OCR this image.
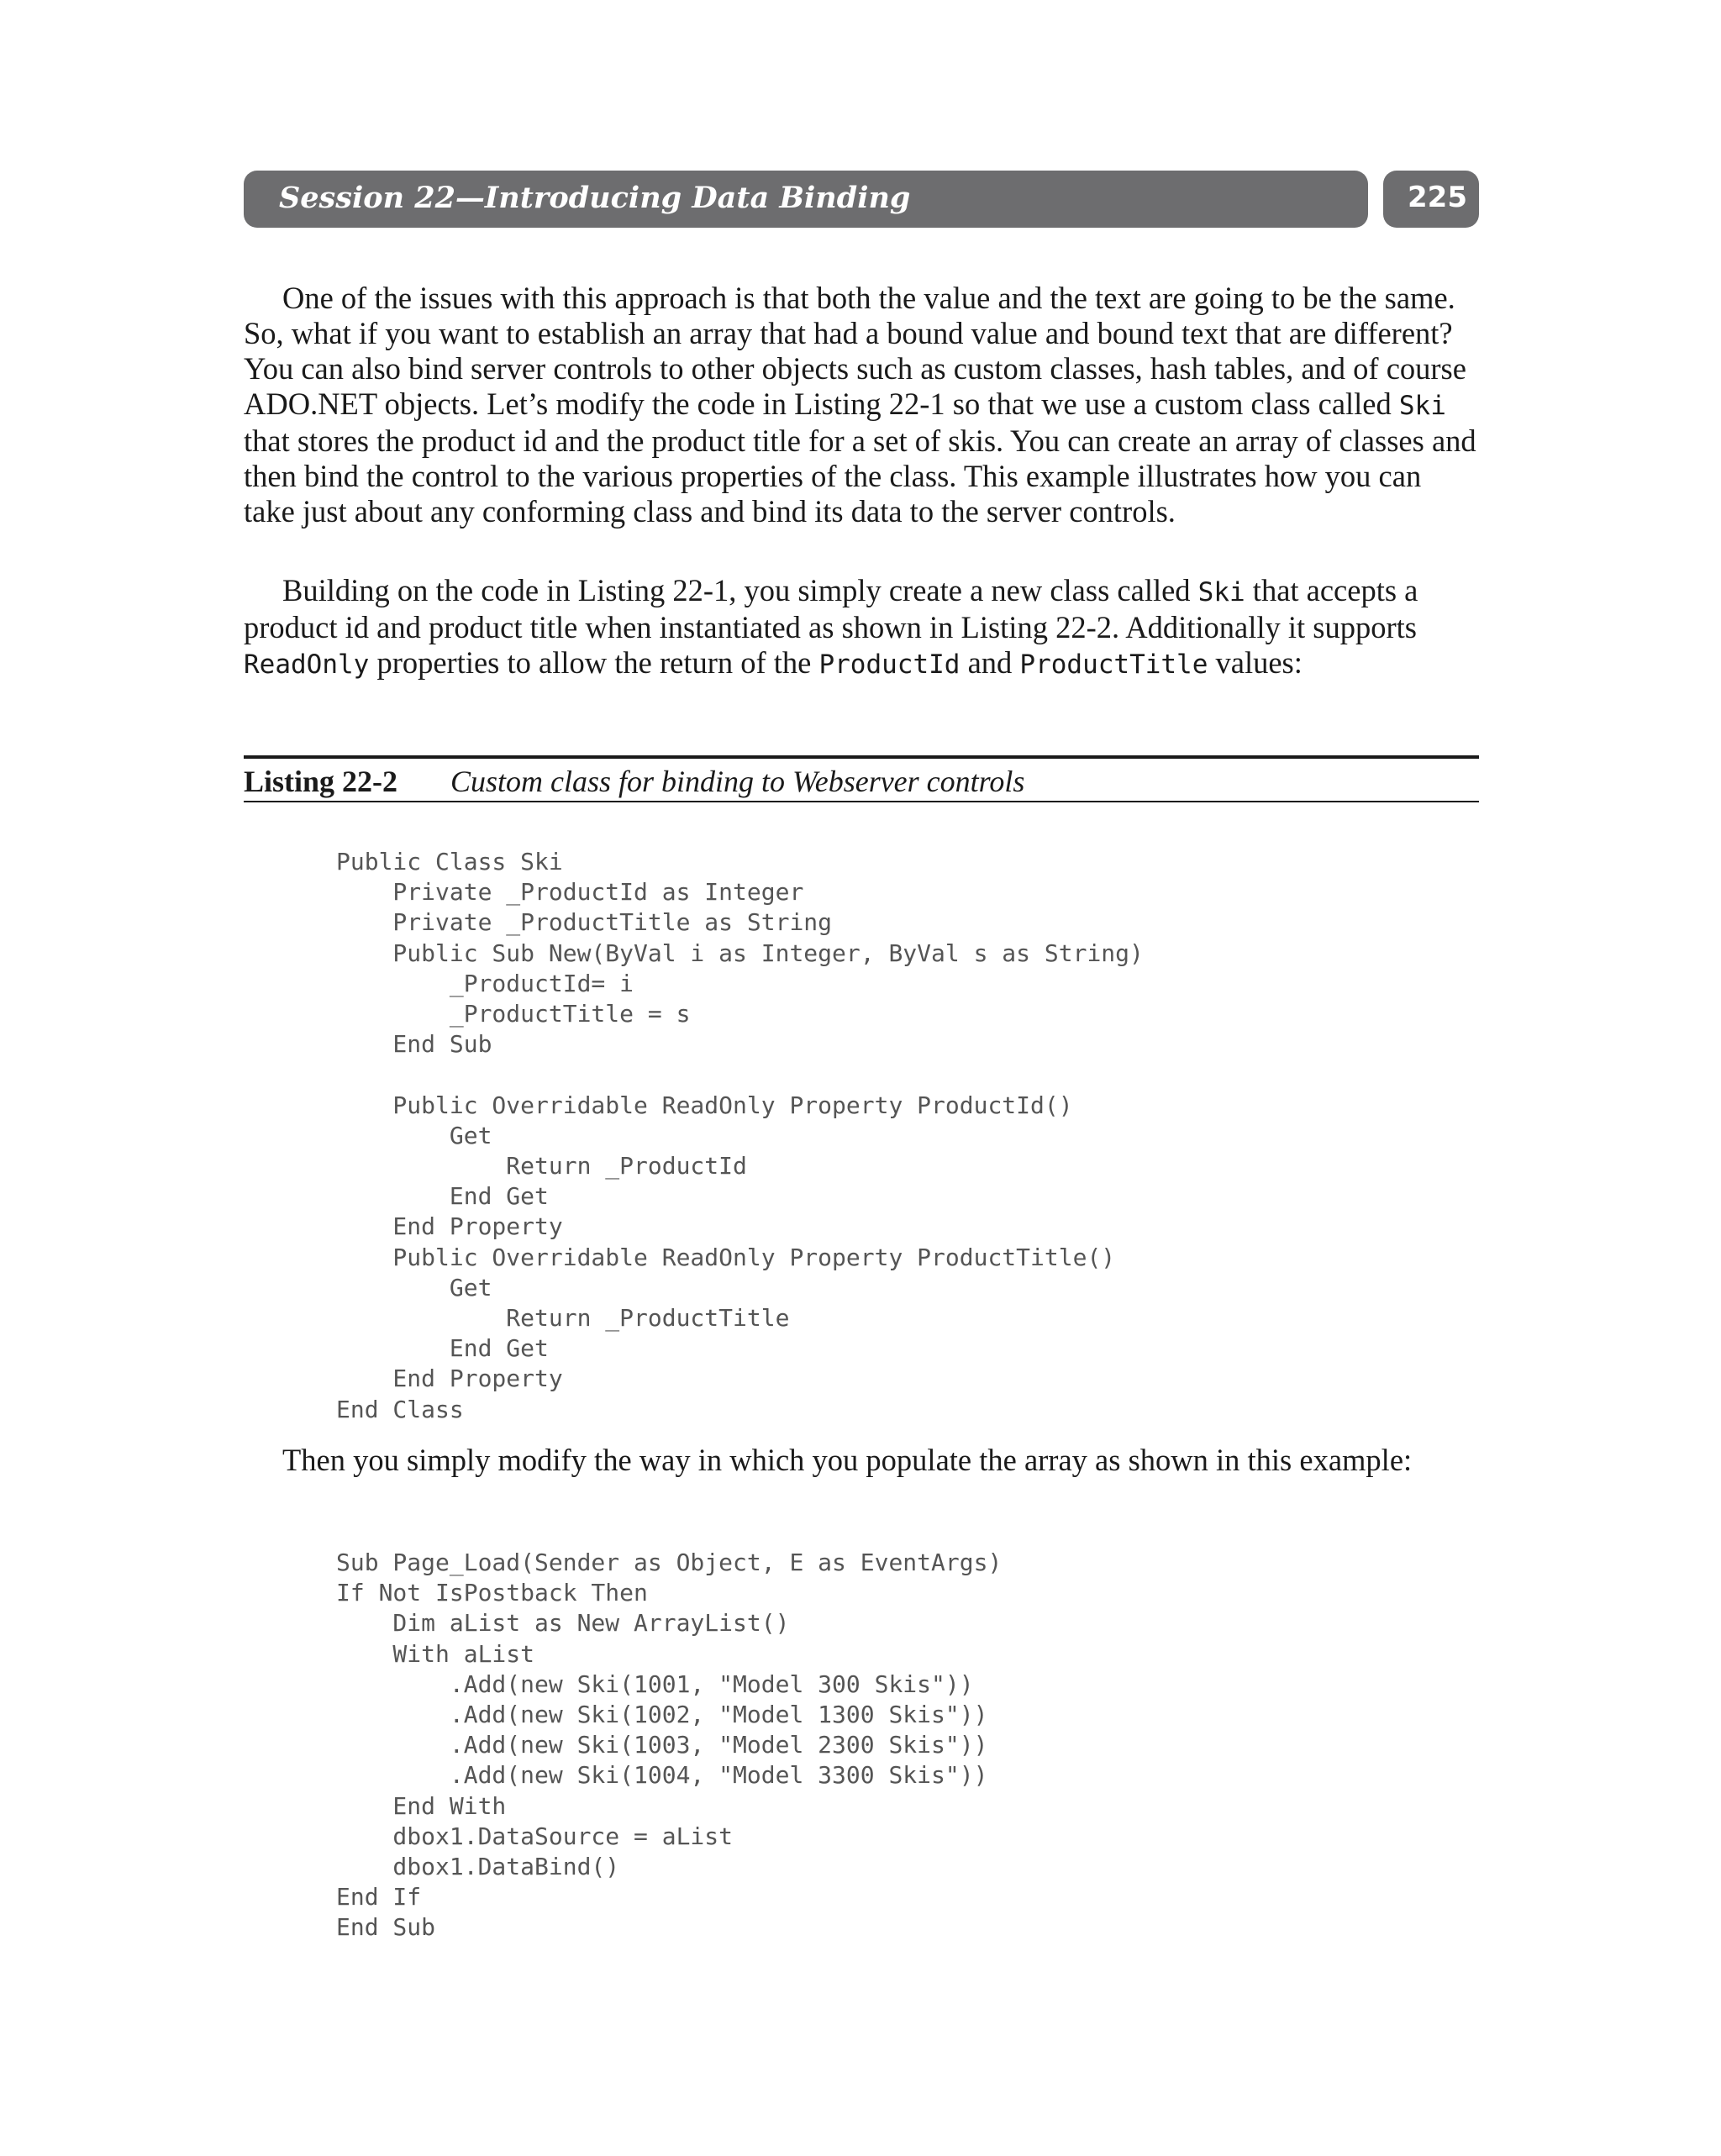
Session 22—Introducing Data Binding	225

One of the issues with this approach is that both the value and the text are going to be the same. So, what if you want to establish an array that had a bound value and bound text that are different? You can also bind server controls to other objects such as custom classes, hash tables, and of course ADO.NET objects. Let’s modify the code in Listing 22-1 so that we use a custom class called Ski that stores the product id and the product title for a set of skis. You can create an array of classes and then bind the control to the various properties of the class. This example illustrates how you can take just about any conforming class and bind its data to the server controls.

Building on the code in Listing 22-1, you simply create a new class called Ski that accepts a product id and product title when instantiated as shown in Listing 22-2. Additionally it supports ReadOnly properties to allow the return of the ProductId and ProductTitle values:

Listing 22-2 Custom class for binding to Webserver controls
Public Class Ski
Private _ProductId as Integer
Private _ProductTitle as String
Public Sub New(ByVal i as Integer, ByVal s as String)
_ProductId= i
_ProductTitle = s
End Sub

Public Overridable ReadOnly Property ProductId()
Get
Return _ProductId
End Get
End Property
Public Overridable ReadOnly Property ProductTitle()
Get
Return _ProductTitle
End Get
End Property
End Class

Then you simply modify the way in which you populate the array as shown in this example:

Sub Page_Load(Sender as Object, E as EventArgs)
If Not IsPostback Then
Dim aList as New ArrayList()
With aList
.Add(new Ski(1001, "Model 300 Skis"))
.Add(new Ski(1002, "Model 1300 Skis"))
.Add(new Ski(1003, "Model 2300 Skis"))
.Add(new Ski(1004, "Model 3300 Skis"))
End With
dbox1.DataSource = aList
dbox1.DataBind()
End If
End Sub
